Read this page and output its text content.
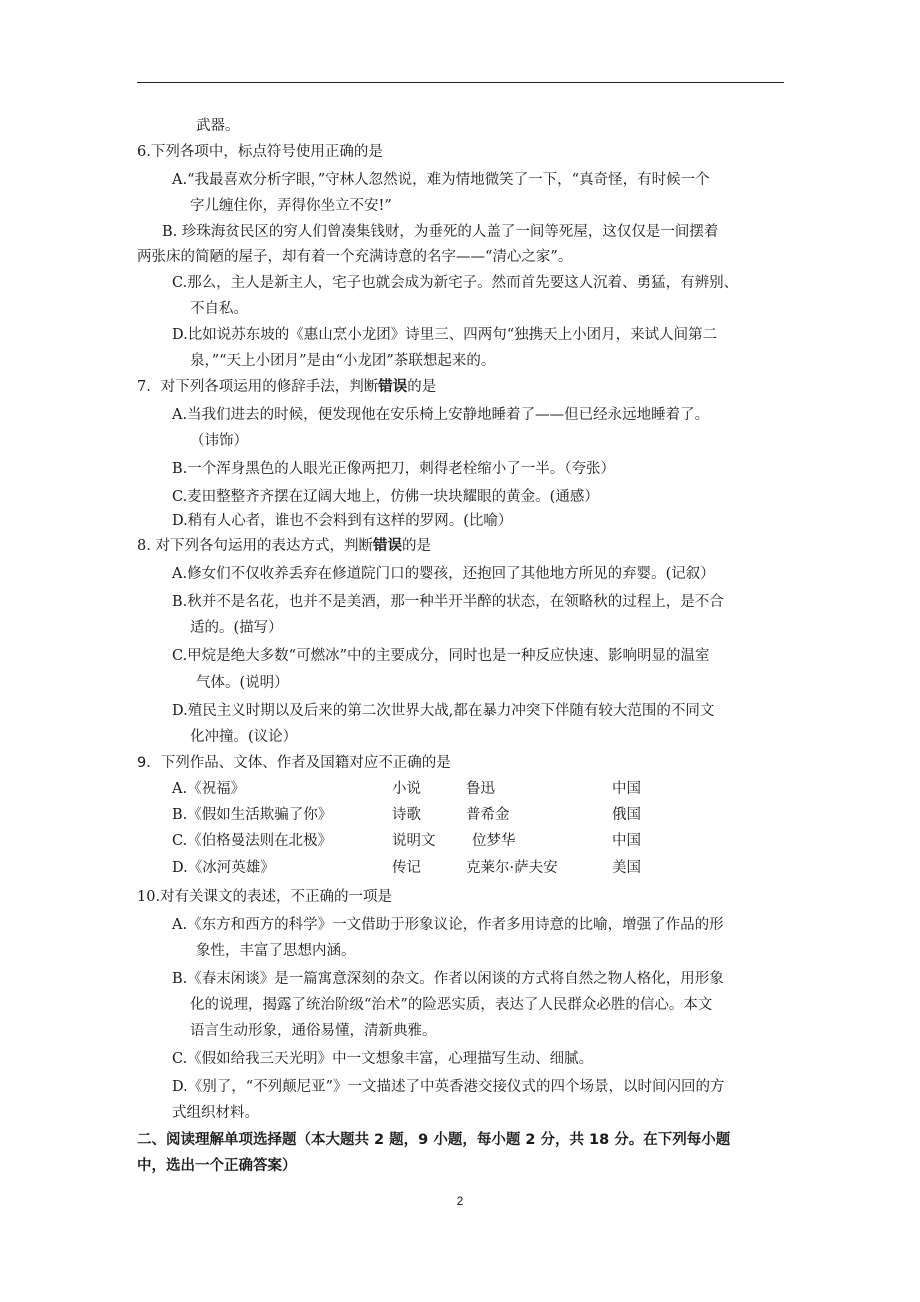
武器。
6.下列各项中，标点符号使用正确的是
A.“我最喜欢分析字眼，”守林人忽然说，难为情地微笑了一下，“真奇怪，有时候一个
字儿缠住你，弄得你坐立不安!”
B. 珍珠海贫民区的穷人们曾凑集钱财，为垂死的人盖了一间等死屋，这仅仅是一间摆着
两张床的简陋的屋子，却有着一个充满诗意的名字——“清心之家”。
C.那么，主人是新主人，宅子也就会成为新宅子。然而首先要这人沉着、勇猛，有辨别、
不自私。
D.比如说苏东坡的《惠山烹小龙团》诗里三、四两句“独携天上小团月，来试人间第二
泉，”“天上小团月”是由“小龙团”茶联想起来的。
7．对下列各项运用的修辞手法，判断错误的是
A.当我们进去的时候，便发现他在安乐椅上安静地睡着了——但已经永远地睡着了。
（讳饰）
B.一个浑身黑色的人眼光正像两把刀，刺得老栓缩小了一半。（夸张）
C.麦田整整齐齐摆在辽阔大地上，仿佛一块块耀眼的黄金。(通感）
D.稍有人心者，谁也不会料到有这样的罗网。(比喻）
8. 对下列各句运用的表达方式，判断错误的是
A.修女们不仅收养丢弃在修道院门口的婴孩，还抱回了其他地方所见的弃婴。(记叙）
B.秋并不是名花，也并不是美酒，那一种半开半醉的状态，在领略秋的过程上，是不合
适的。(描写）
C.甲烷是绝大多数“可燃冰”中的主要成分，同时也是一种反应快速、影响明显的温室
气体。(说明）
D.殖民主义时期以及后来的第二次世界大战,都在暴力冲突下伴随有较大范围的不同文
化冲撞。(议论）
9．下列作品、文体、作者及国籍对应不正确的是
A.《祝福》	小说	鲁迅	中国
B.《假如生活欺骗了你》	诗歌	普希金	俄国
C.《伯格曼法则在北极》	说明文	位梦华	中国
D.《冰河英雄》	传记	克莱尔·萨夫安	美国
10.对有关课文的表述，不正确的一项是
A.《东方和西方的科学》一文借助于形象议论，作者多用诗意的比喻，增强了作品的形
象性，丰富了思想内涵。
B.《春末闲谈》是一篇寓意深刻的杂文。作者以闲谈的方式将自然之物人格化，用形象
化的说理，揭露了统治阶级“治术”的险恶实质，表达了人民群众必胜的信心。本文
语言生动形象，通俗易懂，清新典雅。
C.《假如给我三天光明》中一文想象丰富，心理描写生动、细腻。
D.《别了，“不列颠尼亚”》一文描述了中英香港交接仪式的四个场景，以时间闪回的方
式组织材料。
二、阅读理解单项选择题（本大题共 2 题，9 小题，每小题 2 分，共 18 分。在下列每小题
中，选出一个正确答案）
2
